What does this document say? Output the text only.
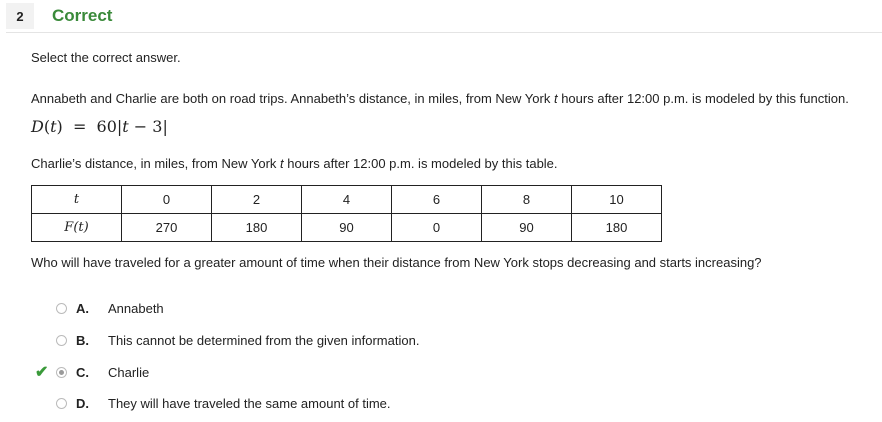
2	Correct
Select the correct answer.
Annabeth and Charlie are both on road trips. Annabeth’s distance, in miles, from New York t hours after 12:00 p.m. is modeled by this function.
D(t)  = 60|t − 3|
Charlie’s distance, in miles, from New York t hours after 12:00 p.m. is modeled by this table.
t	0	2	4	6	8	10
F(t)	270	180	90	0	90	180
Who will have traveled for a greater amount of time when their distance from New York stops decreasing and starts increasing?
A. Annabeth
B. This cannot be determined from the given information.
✔ C. Charlie
D. They will have traveled the same amount of time.
